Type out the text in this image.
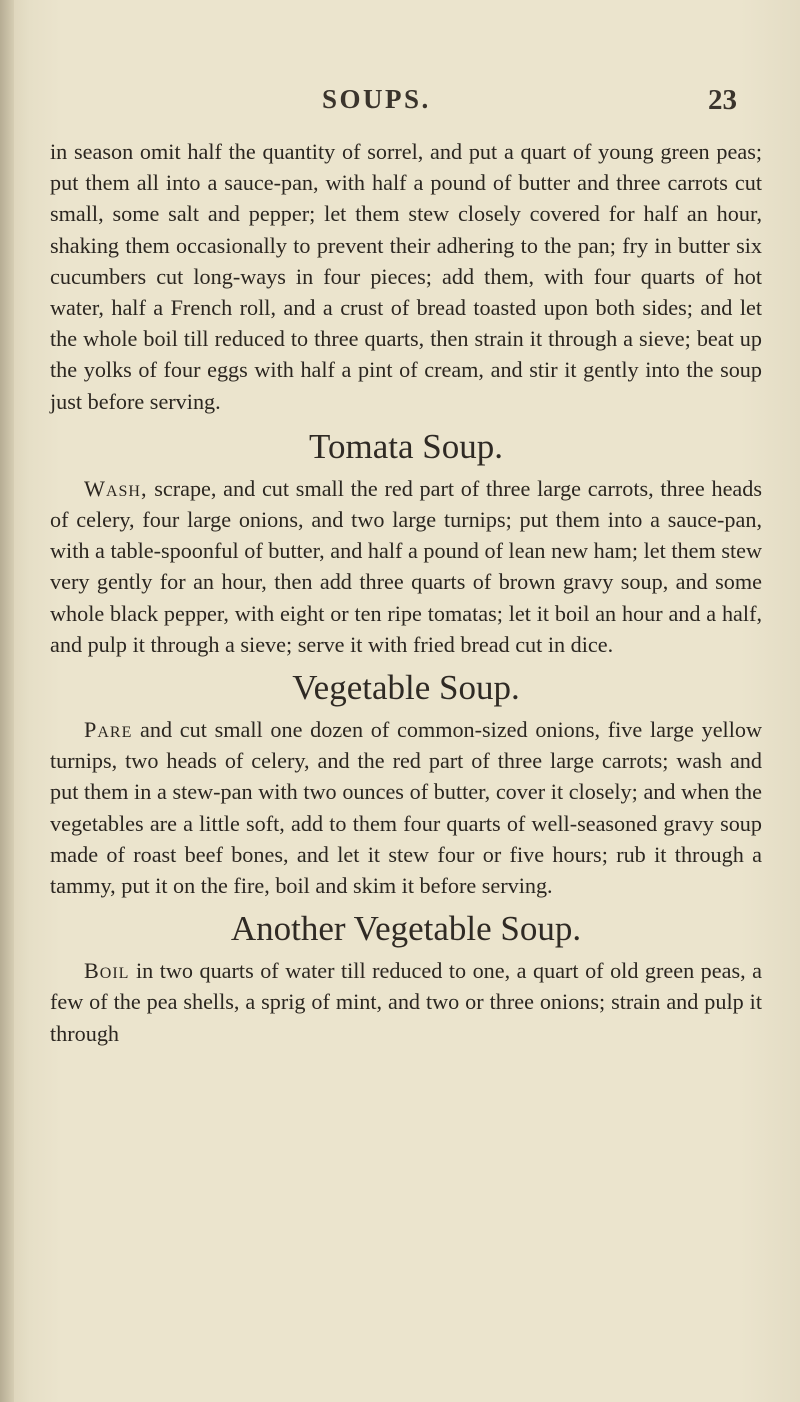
SOUPS.	23

in season omit half the quantity of sorrel, and put a quart of young green peas; put them all into a sauce-pan, with half a pound of butter and three carrots cut small, some salt and pepper; let them stew closely covered for half an hour, shaking them occasionally to prevent their adhering to the pan; fry in butter six cucumbers cut long-ways in four pieces; add them, with four quarts of hot water, half a French roll, and a crust of bread toasted upon both sides; and let the whole boil till reduced to three quarts, then strain it through a sieve; beat up the yolks of four eggs with half a pint of cream, and stir it gently into the soup just before serving.

Tomata Soup.

Wash, scrape, and cut small the red part of three large carrots, three heads of celery, four large onions, and two large turnips; put them into a sauce-pan, with a table-spoonful of butter, and half a pound of lean new ham; let them stew very gently for an hour, then add three quarts of brown gravy soup, and some whole black pepper, with eight or ten ripe tomatas; let it boil an hour and a half, and pulp it through a sieve; serve it with fried bread cut in dice.

Vegetable Soup.

Pare and cut small one dozen of common-sized onions, five large yellow turnips, two heads of celery, and the red part of three large carrots; wash and put them in a stew-pan with two ounces of butter, cover it closely; and when the vegetables are a little soft, add to them four quarts of well-seasoned gravy soup made of roast beef bones, and let it stew four or five hours; rub it through a tammy, put it on the fire, boil and skim it before serving.

Another Vegetable Soup.

Boil in two quarts of water till reduced to one, a quart of old green peas, a few of the pea shells, a sprig of mint, and two or three onions; strain and pulp it through
